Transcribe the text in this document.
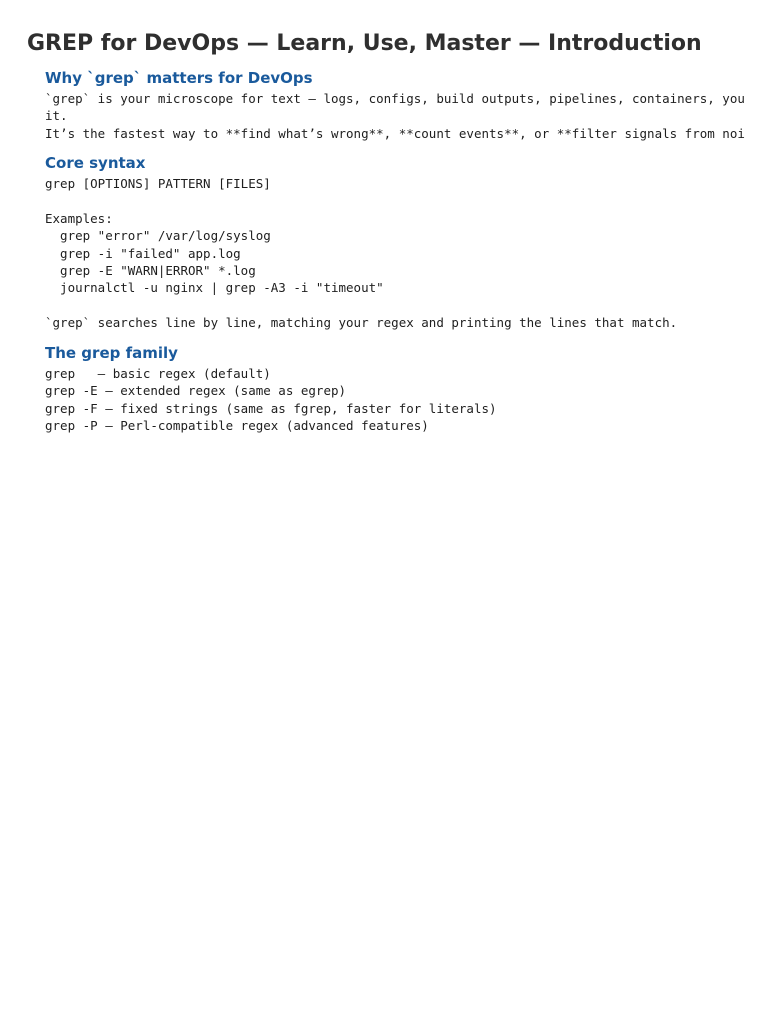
GREP for DevOps — Learn, Use, Master — Introduction
Why `grep` matters for DevOps
`grep` is your microscope for text — logs, configs, build outputs, pipelines, containers, you
it.
It’s the fastest way to **find what’s wrong**, **count events**, or **filter signals from noi
Core syntax
grep [OPTIONS] PATTERN [FILES]
Examples:
grep "error" /var/log/syslog
grep -i "failed" app.log
grep -E "WARN|ERROR" *.log
journalctl -u nginx | grep -A3 -i "timeout"
`grep` searches line by line, matching your regex and printing the lines that match.
The grep family
grep   — basic regex (default)
grep -E — extended regex (same as egrep)
grep -F — fixed strings (same as fgrep, faster for literals)
grep -P — Perl-compatible regex (advanced features)
